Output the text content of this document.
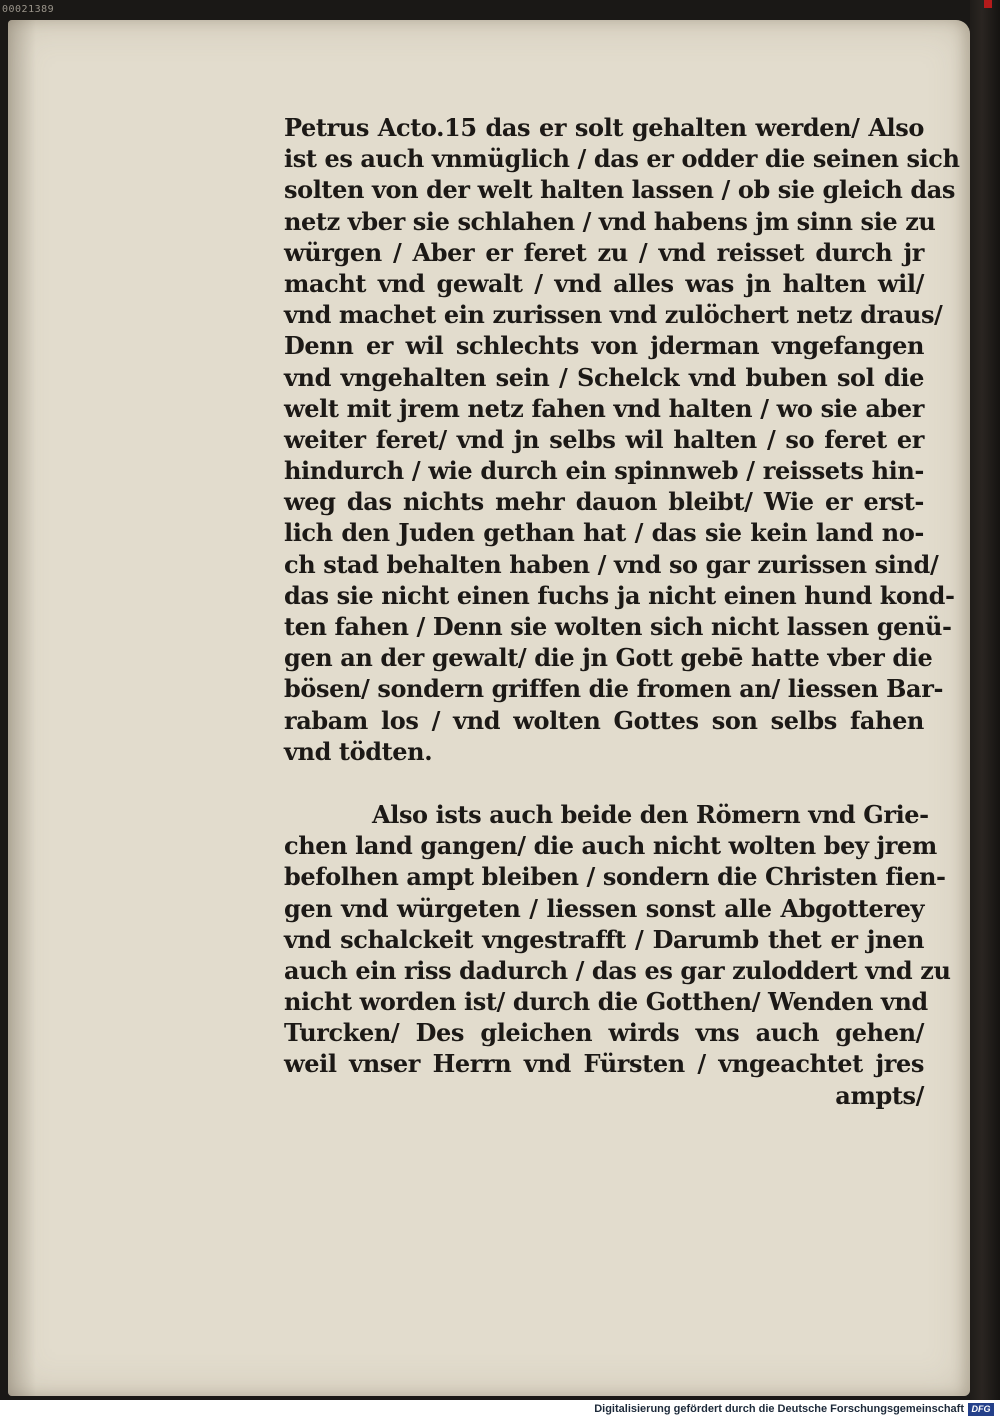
00021389
Petrus Acto.15 das er solt gehalten werden/ Also
ist es auch vnmüglich / das er odder die seinen sich
solten von der welt halten lassen / ob sie gleich das
netz vber sie schlahen / vnd habens jm sinn sie zu
würgen / Aber er feret zu / vnd reisset durch jr
macht vnd gewalt / vnd alles was jn halten wil/
vnd machet ein zurissen vnd zulöchert netz draus/
Denn er wil schlechts von jderman vngefangen
vnd vngehalten sein / Schelck vnd buben sol die
welt mit jrem netz fahen vnd halten / wo sie aber
weiter feret/ vnd jn selbs wil halten / so feret er
hindurch / wie durch ein spinnweb / reissets hin-
weg das nichts mehr dauon bleibt/ Wie er erst-
lich den Juden gethan hat / das sie kein land no-
ch stad behalten haben / vnd so gar zurissen sind/
das sie nicht einen fuchs ja nicht einen hund kond-
ten fahen / Denn sie wolten sich nicht lassen genü-
gen an der gewalt/ die jn Gott gebē hatte vber die
bösen/ sondern griffen die fromen an/ liessen Bar-
rabam los / vnd wolten Gottes son selbs fahen
vnd tödten.
Also ists auch beide den Römern vnd Grie-
chen land gangen/ die auch nicht wolten bey jrem
befolhen ampt bleiben / sondern die Christen fien-
gen vnd würgeten / liessen sonst alle Abgotterey
vnd schalckeit vngestrafft / Darumb thet er jnen
auch ein riss dadurch / das es gar zuloddert vnd zu
nicht worden ist/ durch die Gotthen/ Wenden vnd
Turcken/ Des gleichen wirds vns auch gehen/
weil vnser Herrn vnd Fürsten / vngeachtet jres
ampts/
Digitalisierung gefördert durch die Deutsche Forschungsgemeinschaft DFG
